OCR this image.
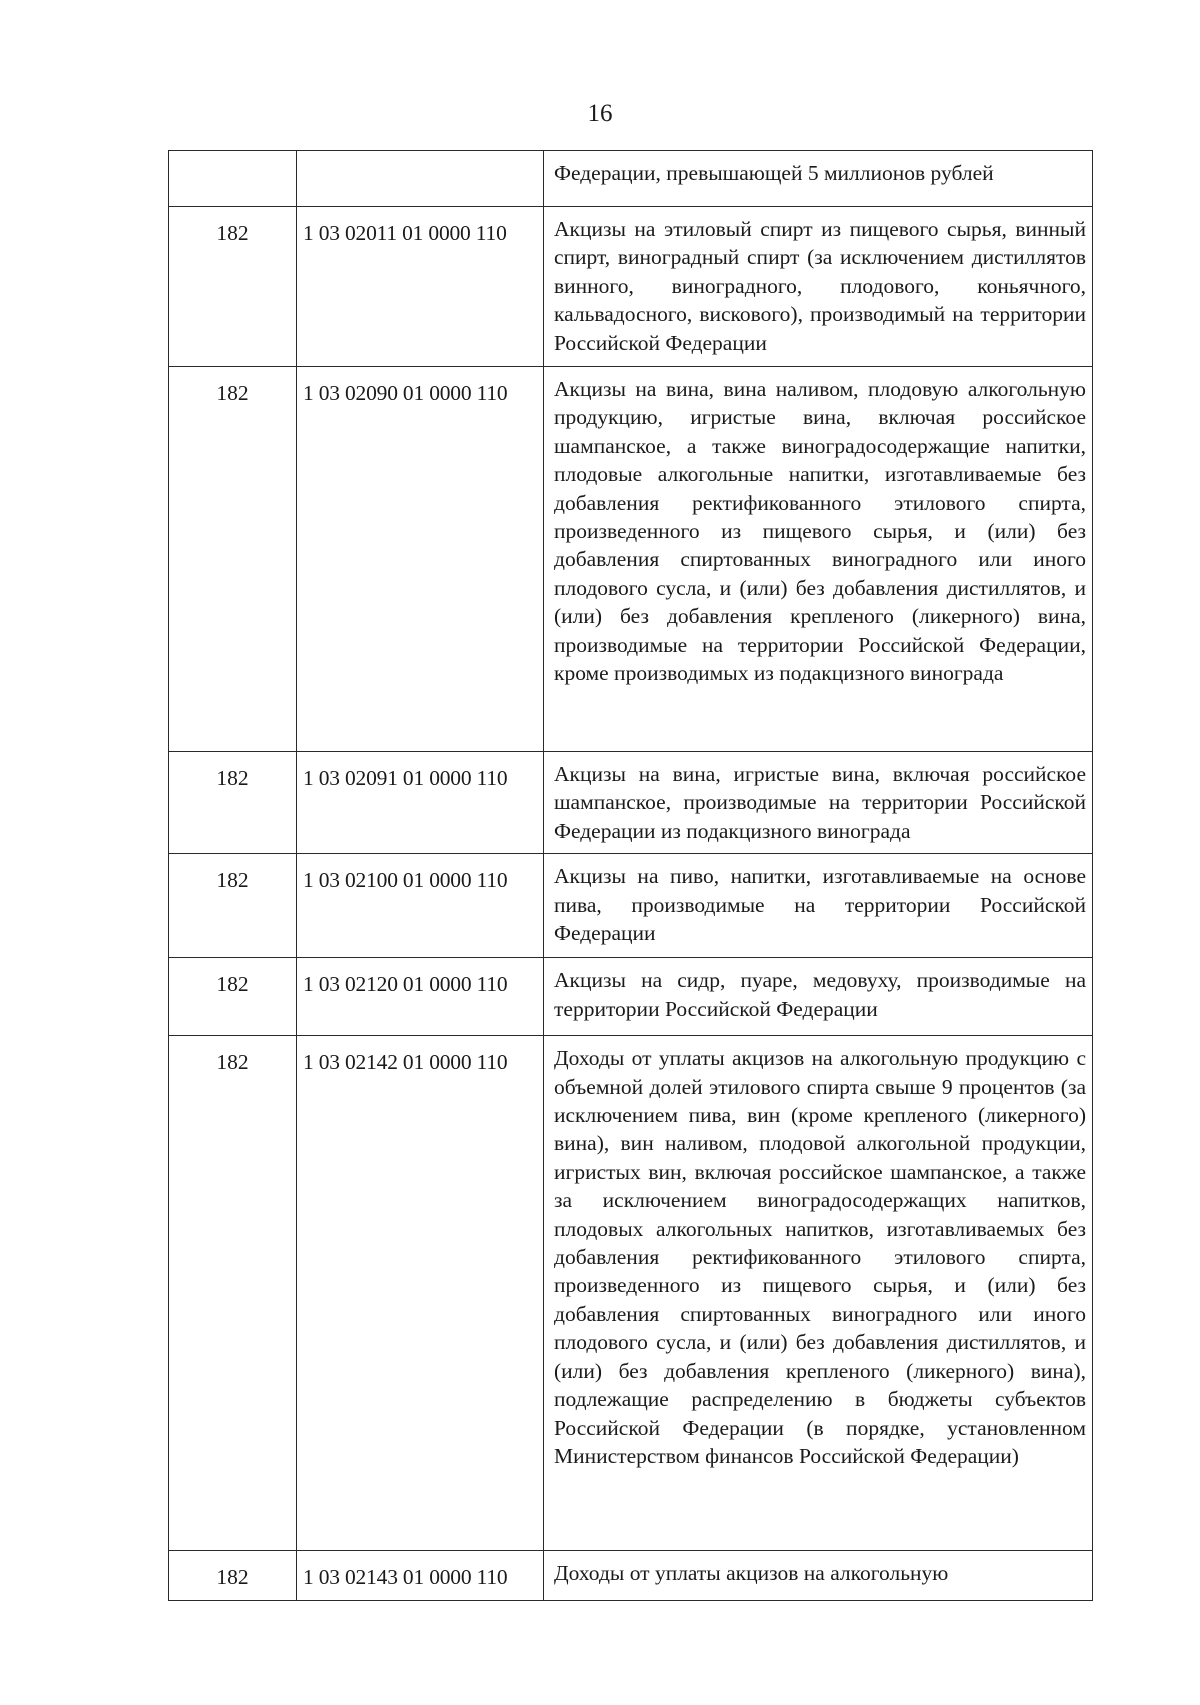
16
		Федерации, превышающей 5 миллионов рублей
182	1 03 02011 01 0000 110	Акцизы на этиловый спирт из пищевого сырья, винный спирт, виноградный спирт (за исключением дистиллятов винного, виноградного, плодового, коньячного, кальвадосного, вискового), производимый на территории Российской Федерации
182	1 03 02090 01 0000 110	Акцизы на вина, вина наливом, плодовую алкогольную продукцию, игристые вина, включая российское шампанское, а также виноградосодержащие напитки, плодовые алкогольные напитки, изготавливаемые без добавления ректификованного этилового спирта, произведенного из пищевого сырья, и (или) без добавления спиртованных виноградного или иного плодового сусла, и (или) без добавления дистиллятов, и (или) без добавления крепленого (ликерного) вина, производимые на территории Российской Федерации, кроме производимых из подакцизного винограда
182	1 03 02091 01 0000 110	Акцизы на вина, игристые вина, включая российское шампанское, производимые на территории Российской Федерации из подакцизного винограда
182	1 03 02100 01 0000 110	Акцизы на пиво, напитки, изготавливаемые на основе пива, производимые на территории Российской Федерации
182	1 03 02120 01 0000 110	Акцизы на сидр, пуаре, медовуху, производимые на территории Российской Федерации
182	1 03 02142 01 0000 110	Доходы от уплаты акцизов на алкогольную продукцию с объемной долей этилового спирта свыше 9 процентов (за исключением пива, вин (кроме крепленого (ликерного) вина), вин наливом, плодовой алкогольной продукции, игристых вин, включая российское шампанское, а также за исключением виноградосодержащих напитков, плодовых алкогольных напитков, изготавливаемых без добавления ректификованного этилового спирта, произведенного из пищевого сырья, и (или) без добавления спиртованных виноградного или иного плодового сусла, и (или) без добавления дистиллятов, и (или) без добавления крепленого (ликерного) вина), подлежащие распределению в бюджеты субъектов Российской Федерации (в порядке, установленном Министерством финансов Российской Федерации)
182	1 03 02143 01 0000 110	Доходы от уплаты акцизов на алкогольную
